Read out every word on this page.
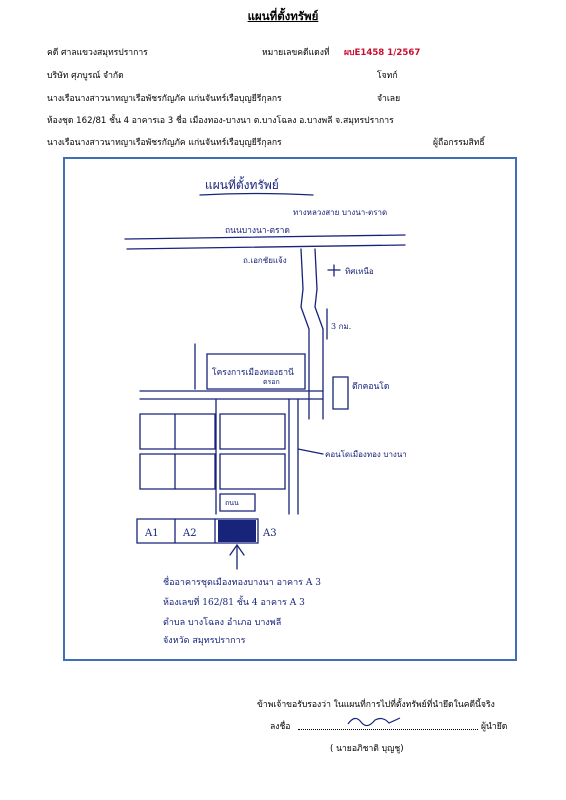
แผนที่ตั้งทรัพย์
คดี ศาลแขวงสมุทรปราการ	หมายเลขคดีแดงที่ ผบE1458 1/2567
บริษัท ศุภบูรณ์ จำกัด	โจทก์
นางเรือนางสาวนาทญาเรือพัชรกัญภัค แก่นจันทร์เรือบุญยีรีกุลกร	จำเลย
ห้องชุด 162/81 ชั้น 4 อาคารเอ 3 ชื่อ เมืองทอง-บางนา ต.บางโฉลง อ.บางพลี จ.สมุทรปราการ
นางเรือนางสาวนาทญาเรือพัชรกัญภัค แก่นจันทร์เรือบุญยีรีกุลกร	ผู้ถือกรรมสิทธิ์
แผนที่ตั้งทรัพย์
ทางหลวงสาย บางนา-ตราด
ถนนบางนา-ตราด
ถ.เอกชัยแจ้ง
ทิศเหนือ
3 กม.
โครงการเมืองทองธานี
ตรอก	ตึกคอนโด
คอนโดเมืองทอง บางนา
ถนน
A1 A2	A3
ชื่ออาคารชุดเมืองทองบางนา อาคาร A 3
ห้องเลขที่ 162/81 ชั้น 4 อาคาร A 3
ตำบล บางโฉลง อำเภอ บางพลี
จังหวัด สมุทรปราการ
ข้าพเจ้าขอรับรองว่า ในแผนที่การไปที่ตั้งทรัพย์ที่นำยึดในคดีนี้จริง
ลงชื่อ	ผู้นำยึด
( นายอภิชาติ บุญชู)
